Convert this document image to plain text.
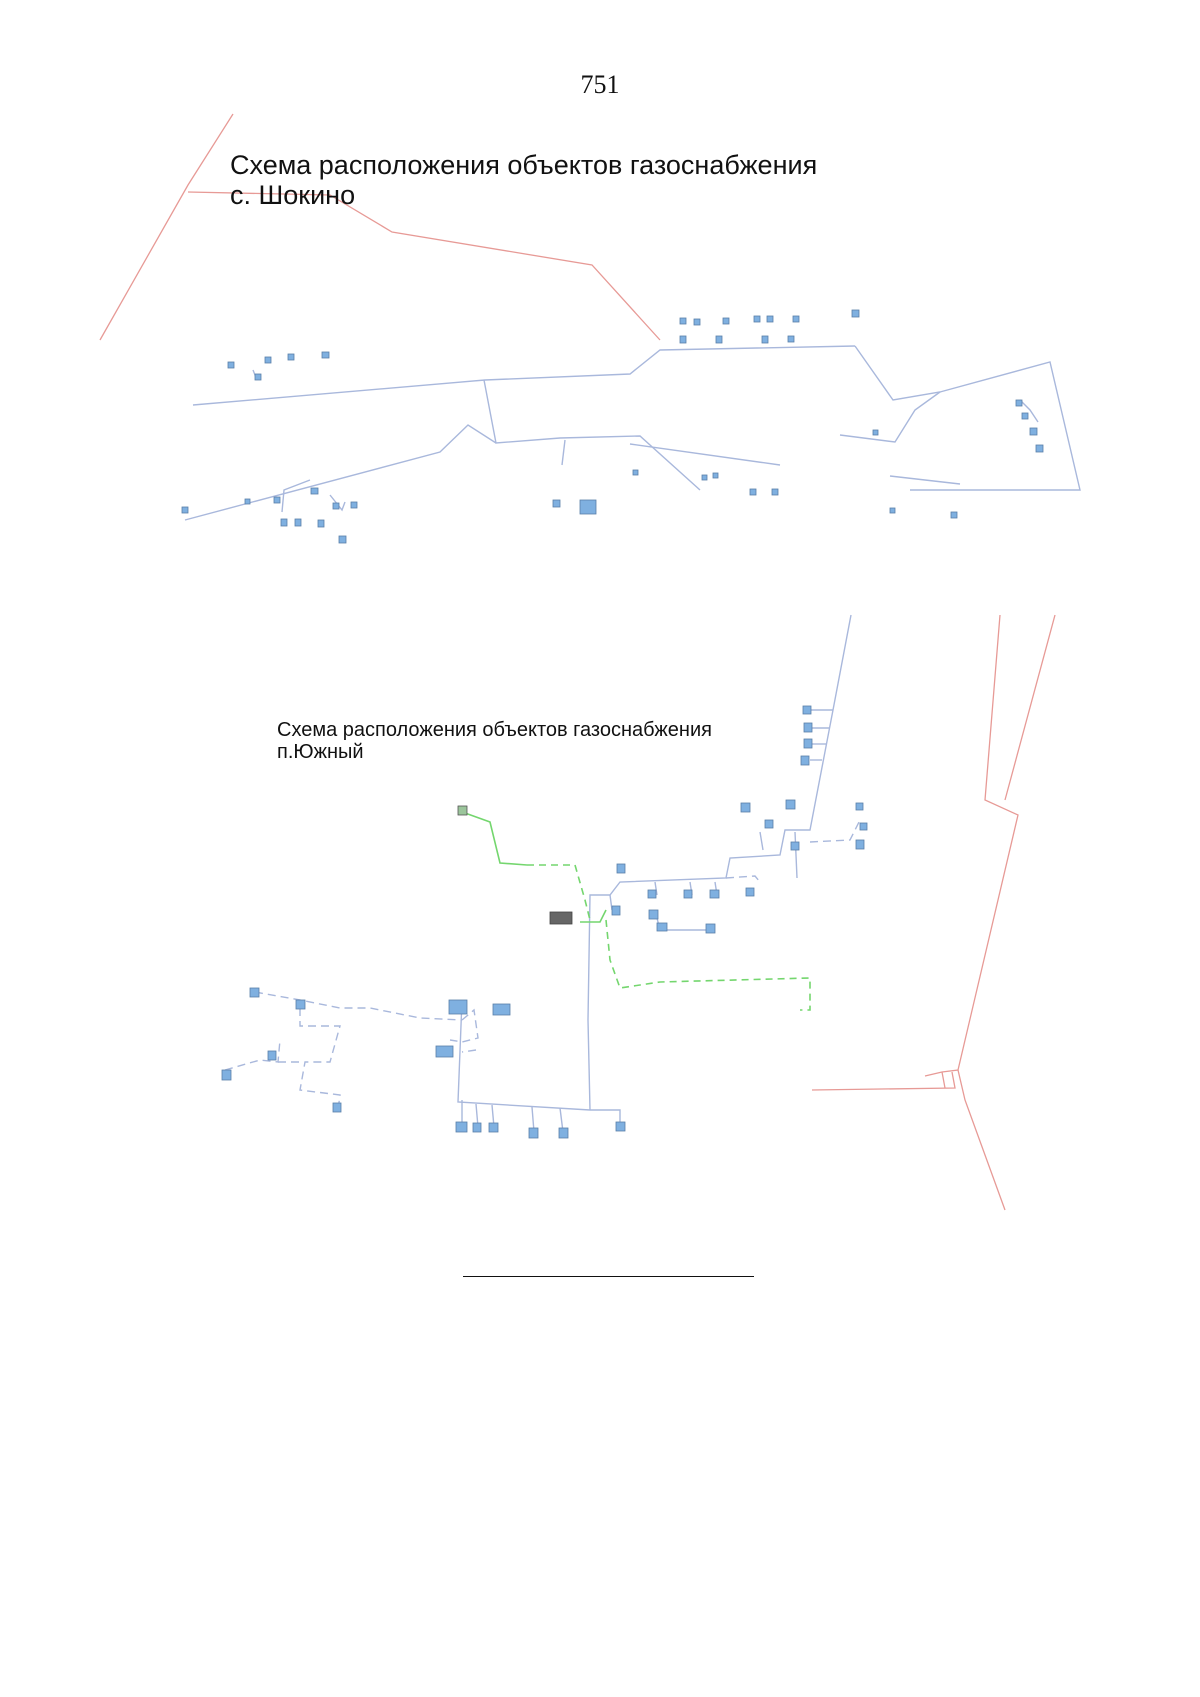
751
Схема расположения объектов газоснабжения
с. Шокино
Схема расположения объектов газоснабжения
п.Южный
